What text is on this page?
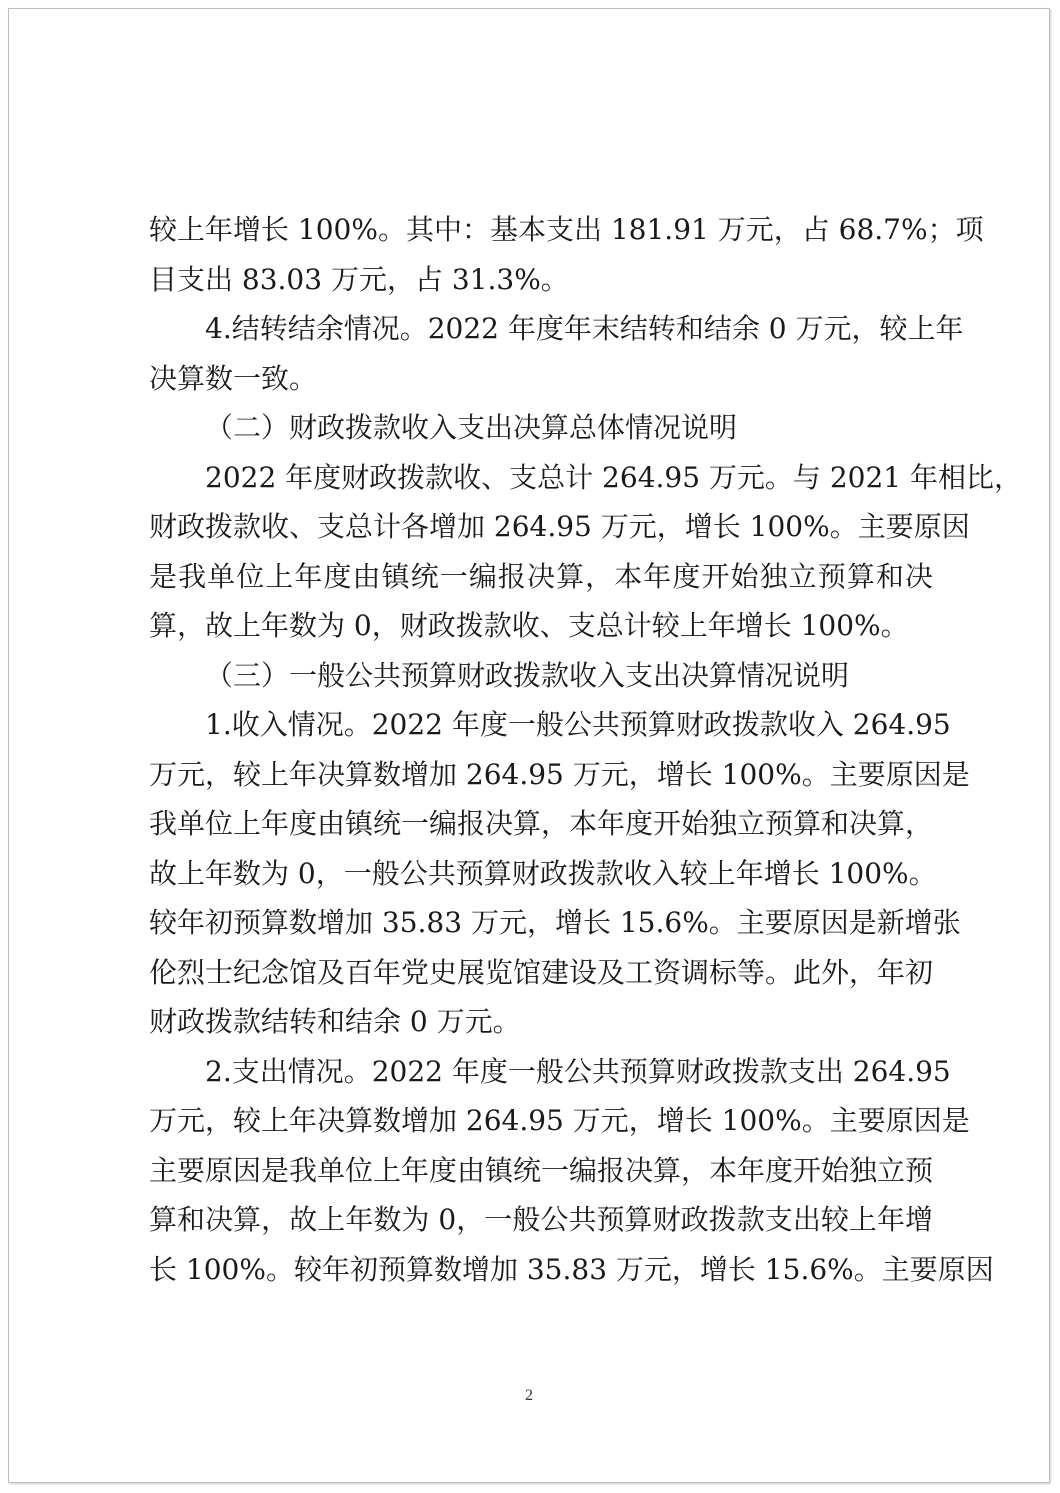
较上年增长 100%。其中：基本支出 181.91 万元，占 68.7%；项
目支出 83.03 万元，占 31.3%。
4.结转结余情况。2022 年度年末结转和结余 0 万元，较上年
决算数一致。
（二）财政拨款收入支出决算总体情况说明
2022 年度财政拨款收、支总计 264.95 万元。与 2021 年相比，
财政拨款收、支总计各增加 264.95 万元，增长 100%。主要原因
是我单位上年度由镇统一编报决算，本年度开始独立预算和决
算，故上年数为 0，财政拨款收、支总计较上年增长 100%。
（三）一般公共预算财政拨款收入支出决算情况说明
1.收入情况。2022 年度一般公共预算财政拨款收入 264.95
万元，较上年决算数增加 264.95 万元，增长 100%。主要原因是
我单位上年度由镇统一编报决算，本年度开始独立预算和决算，
故上年数为 0，一般公共预算财政拨款收入较上年增长 100%。
较年初预算数增加 35.83 万元，增长 15.6%。主要原因是新增张
伦烈士纪念馆及百年党史展览馆建设及工资调标等。此外，年初
财政拨款结转和结余 0 万元。
2.支出情况。2022 年度一般公共预算财政拨款支出 264.95
万元，较上年决算数增加 264.95 万元，增长 100%。主要原因是
主要原因是我单位上年度由镇统一编报决算，本年度开始独立预
算和决算，故上年数为 0，一般公共预算财政拨款支出较上年增
长 100%。较年初预算数增加 35.83 万元，增长 15.6%。主要原因
2
